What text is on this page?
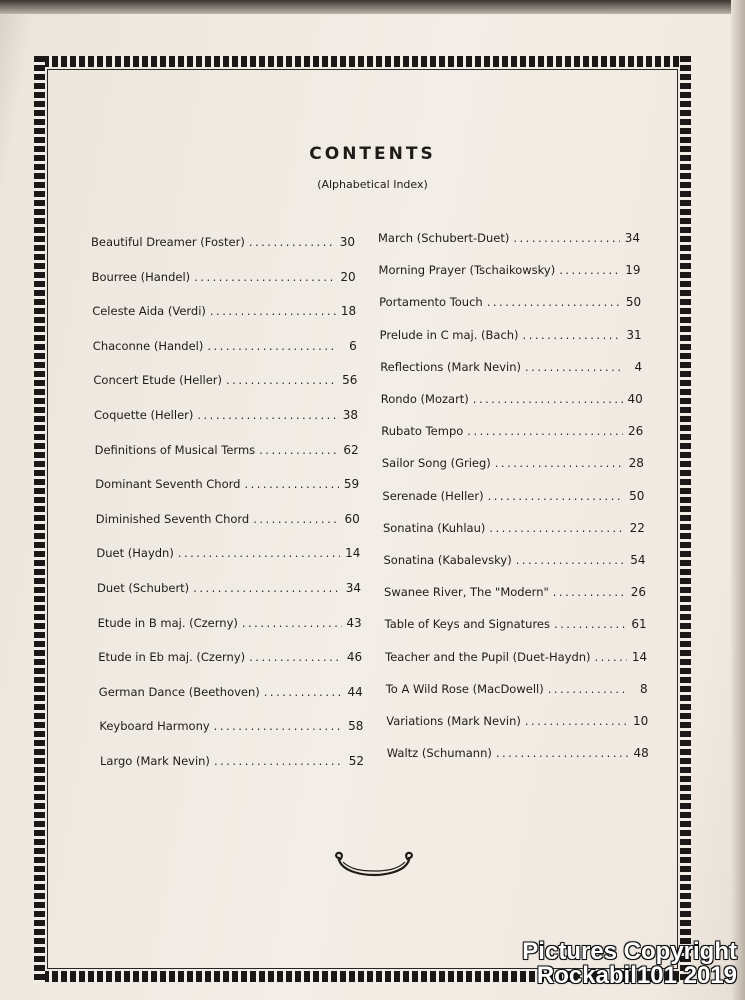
CONTENTS
(Alphabetical Index)
Beautiful Dreamer (Foster) .....	30
Bourree (Handel) .....	20
Celeste Aida (Verdi) .....	18
Chaconne (Handel) .....	6
Concert Etude (Heller) .....	56
Coquette (Heller) .....	38
Definitions of Musical Terms .....	62
Dominant Seventh Chord .....	59
Diminished Seventh Chord .....	60
Duet (Haydn) .....	14
Duet (Schubert) .....	34
Etude in B maj. (Czerny) .....	43
Etude in Eb maj. (Czerny) .....	46
German Dance (Beethoven) .....	44
Keyboard Harmony .....	58
Largo (Mark Nevin) .....	52
March (Schubert-Duet) .....	34
Morning Prayer (Tschaikowsky) .....	19
Portamento Touch .....	50
Prelude in C maj. (Bach) .....	31
Reflections (Mark Nevin) .....	4
Rondo (Mozart) .....	40
Rubato Tempo .....	26
Sailor Song (Grieg) .....	28
Serenade (Heller) .....	50
Sonatina (Kuhlau) .....	22
Sonatina (Kabalevsky) .....	54
Swanee River, The "Modern" .....	26
Table of Keys and Signatures .....	61
Teacher and the Pupil (Duet-Haydn) .....	14
To A Wild Rose (MacDowell) .....	8
Variations (Mark Nevin) .....	10
Waltz (Schumann) .....	48
Pictures Copyright
Rockabil101 2019
